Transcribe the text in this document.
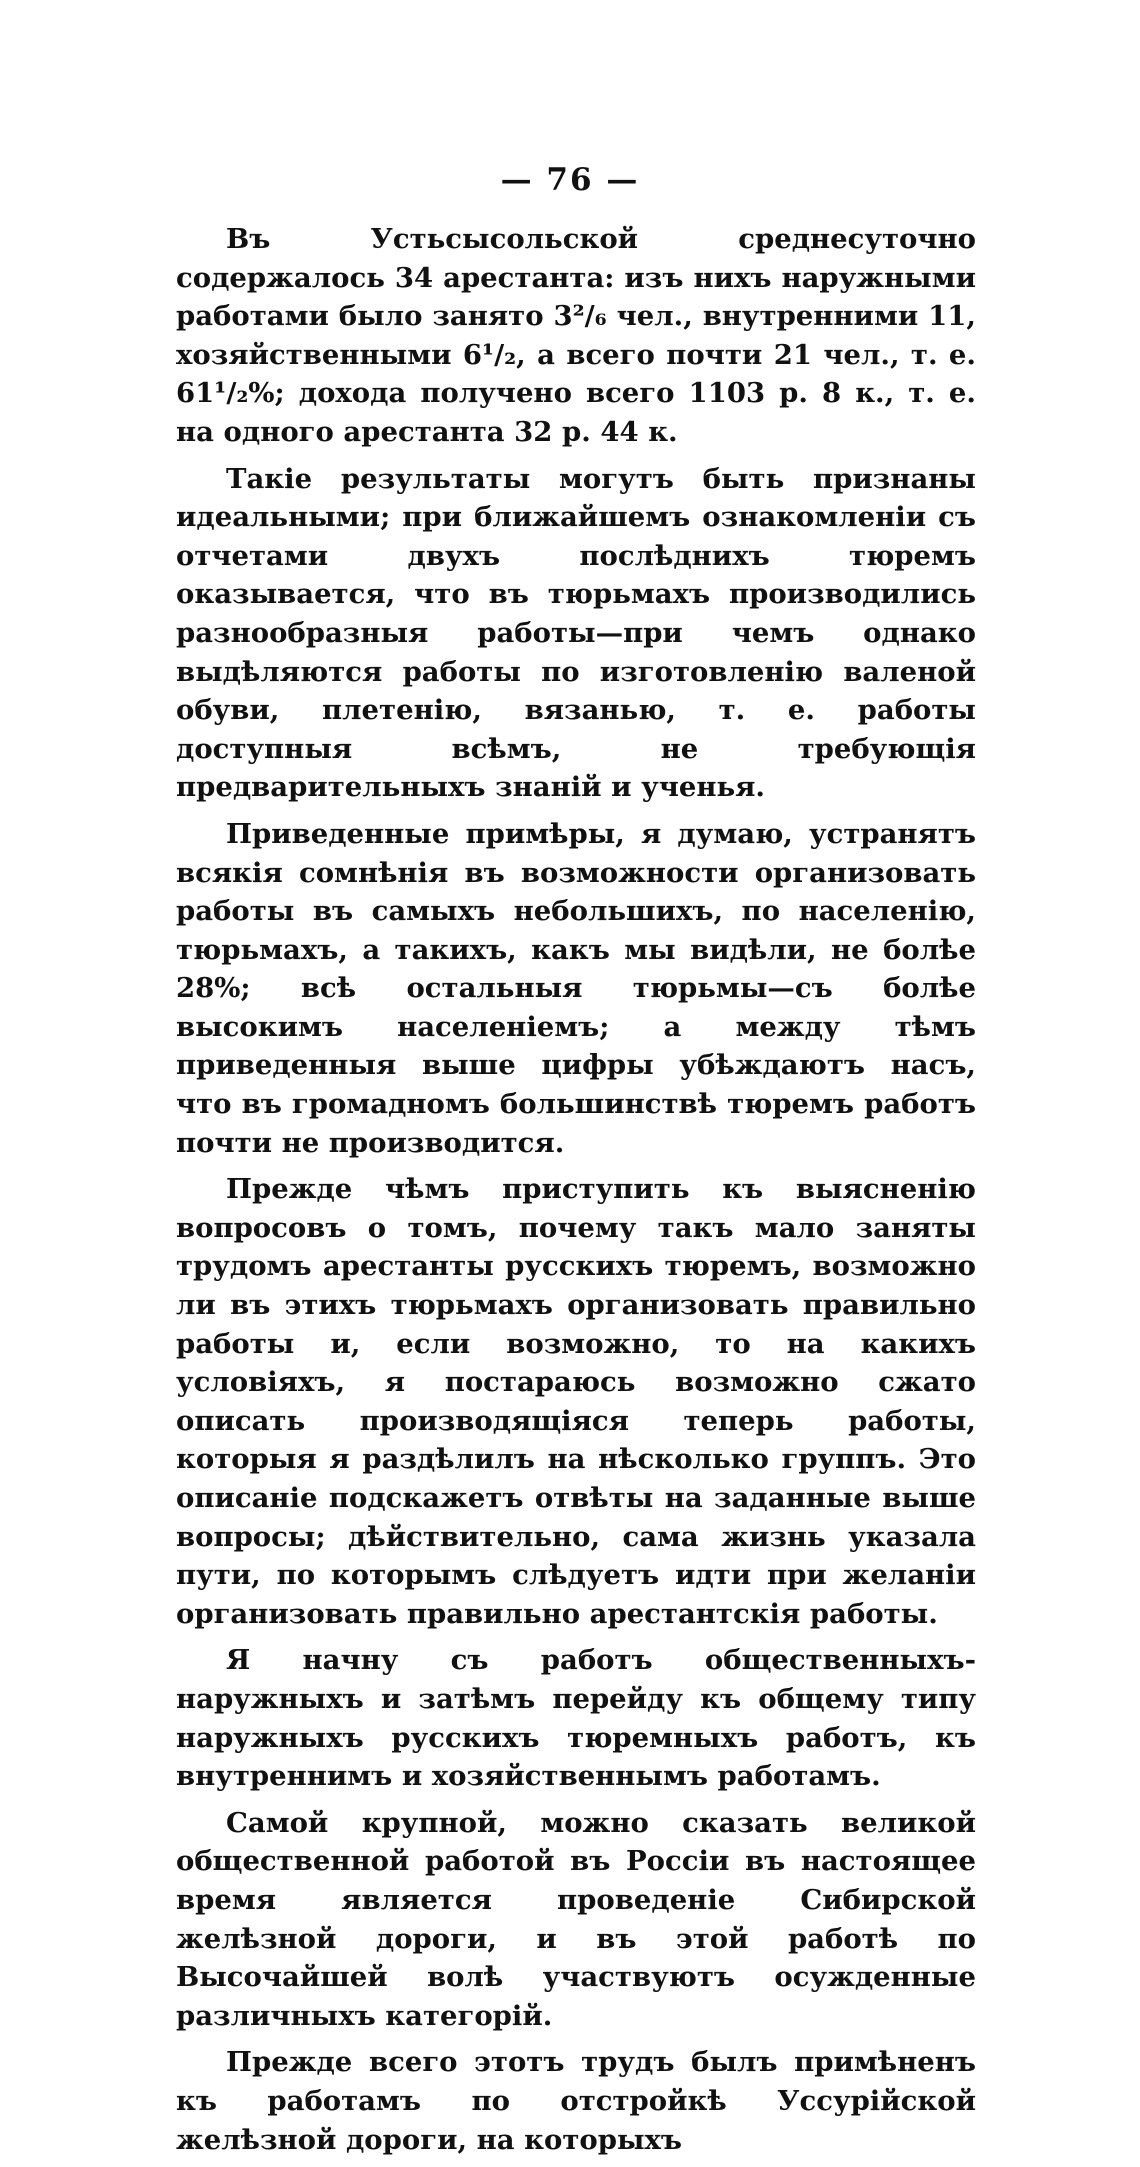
— 76 —

Въ Устьсысольской среднесуточно содержалось 34 арестанта: изъ нихъ наружными работами было занято 3²/₆ чел., внутренними 11, хозяйственными 6¹/₂, а всего почти 21 чел., т. е. 61¹/₂%; дохода получено всего 1103 р. 8 к., т. е. на одного арестанта 32 р. 44 к.

Такiе результаты могутъ быть признаны идеальными; при ближайшемъ ознакомленiи съ отчетами двухъ послѣднихъ тюремъ оказывается, что въ тюрьмахъ производились разнообразныя работы—при чемъ однако выдѣляются работы по изготовленiю валеной обуви, плетенiю, вязанью, т. е. работы доступныя всѣмъ, не требующiя предварительныхъ знанiй и ученья.

Приведенные примѣры, я думаю, устранятъ всякiя сомнѣнiя въ возможности организовать работы въ самыхъ небольшихъ, по населенiю, тюрьмахъ, а такихъ, какъ мы видѣли, не болѣе 28%; всѣ остальныя тюрьмы—съ болѣе высокимъ населенiемъ; а между тѣмъ приведенныя выше цифры убѣждаютъ насъ, что въ громадномъ большинствѣ тюремъ работъ почти не производится.

Прежде чѣмъ приступить къ выясненiю вопросовъ о томъ, почему такъ мало заняты трудомъ арестанты русскихъ тюремъ, возможно ли въ этихъ тюрьмахъ организовать правильно работы и, если возможно, то на какихъ условiяхъ, я постараюсь возможно сжато описать производящiяся теперь работы, которыя я раздѣлилъ на нѣсколько группъ. Это описанiе подскажетъ отвѣты на заданные выше вопросы; дѣйствительно, сама жизнь указала пути, по которымъ слѣдуетъ идти при желанiи организовать правильно арестантскiя работы.

Я начну съ работъ общественныхъ-наружныхъ и затѣмъ перейду къ общему типу наружныхъ русскихъ тюремныхъ работъ, къ внутреннимъ и хозяйственнымъ работамъ.

Самой крупной, можно сказать великой общественной работой въ Россiи въ настоящее время является проведенiе Сибирской желѣзной дороги, и въ этой работѣ по Высочайшей волѣ участвуютъ осужденные различныхъ категорiй.

Прежде всего этотъ трудъ былъ примѣненъ къ работамъ по отстройкѣ Уссурiйской желѣзной дороги, на которыхъ
